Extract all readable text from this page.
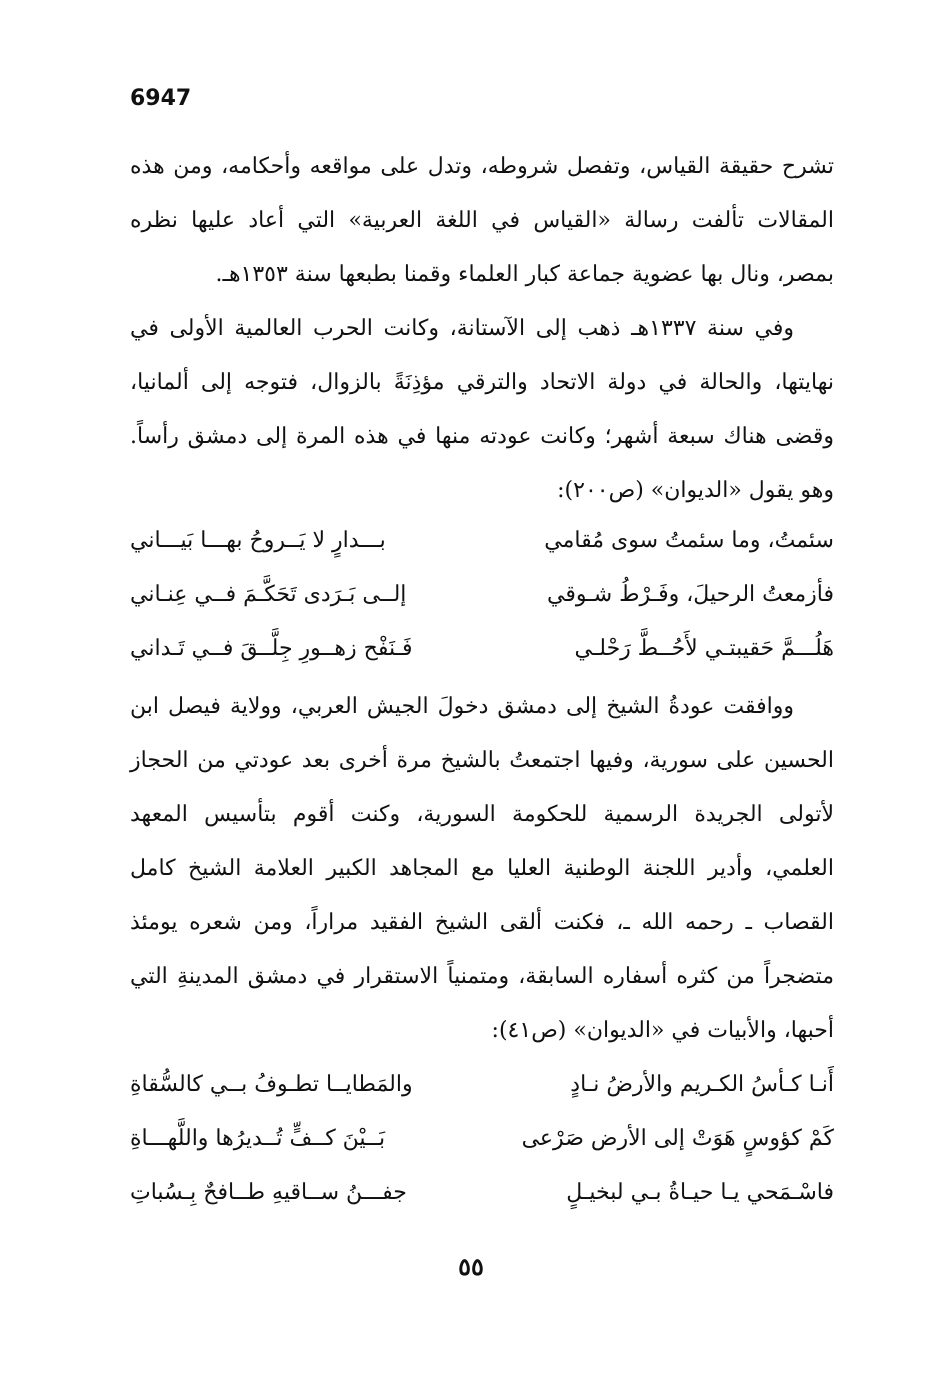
6947

تشرح حقيقة القياس، وتفصل شروطه، وتدل على مواقعه وأحكامه، ومن هذه المقالات تألفت رسالة «القياس في اللغة العربية» التي أعاد عليها نظره بمصر، ونال بها عضوية جماعة كبار العلماء وقمنا بطبعها سنة ١٣٥٣هـ.

وفي سنة ١٣٣٧هـ ذهب إلى الآستانة، وكانت الحرب العالمية الأولى في نهايتها، والحالة في دولة الاتحاد والترقي مؤذِنَةً بالزوال، فتوجه إلى ألمانيا، وقضى هناك سبعة أشهر؛ وكانت عودته منها في هذه المرة إلى دمشق رأساً. وهو يقول «الديوان» (ص٢٠٠):

سئمتُ، وما سئمتُ سوى مُقامي
بـــدارٍ لا يَــروحُ بهـــا بَيـــاني
فأزمعتُ الرحيلَ، وفَـرْطُ شـوقي
إلــى بَـرَدى تَحَكَّـمَ فــي عِنـاني
هَلُـــمَّ حَقيبتـي لأَحُــطَّ رَحْلـي
فَـنَفْح زهــورِ جِلَّــقَ فــي تَـداني

ووافقت عودةُ الشيخ إلى دمشق دخولَ الجيش العربي، وولاية فيصل ابن الحسين على سورية، وفيها اجتمعتُ بالشيخ مرة أخرى بعد عودتي من الحجاز لأتولى الجريدة الرسمية للحكومة السورية، وكنت أقوم بتأسيس المعهد العلمي، وأدير اللجنة الوطنية العليا مع المجاهد الكبير العلامة الشيخ كامل القصاب ـ رحمه الله ـ، فكنت ألقى الشيخ الفقيد مراراً، ومن شعره يومئذ متضجراً من كثره أسفاره السابقة، ومتمنياً الاستقرار في دمشق المدينةِ التي أحبها، والأبيات في «الديوان» (ص٤١):

أَنـا كـأسُ الكـريم والأرضُ نـادٍ
والمَطايــا تطـوفُ بــي كالسُّقاةِ
كَمْ كؤوسٍ هَوَتْ إلى الأرض صَرْعى
بَــيْنَ كــفٍّ تُــديرُها واللَّهـــاةِ
فاسْـمَحي يـا حيـاةُ بـي لبخيـلٍ
جفـــنُ ســاقيهِ طــافحٌ بِـسُباتِ
٥٥
